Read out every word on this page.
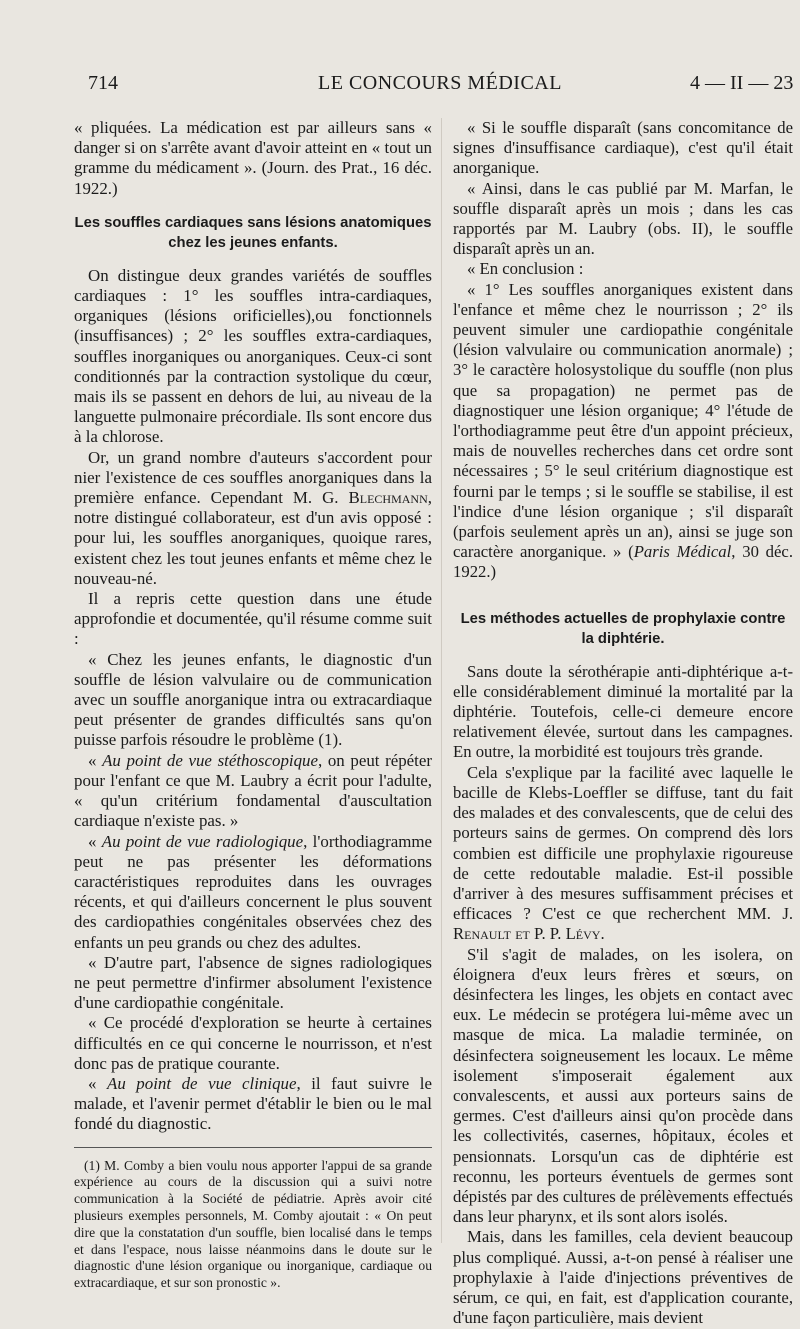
714	LE CONCOURS MÉDICAL	4 — II — 23

« pliquées. La médication est par ailleurs sans « danger si on s'arrête avant d'avoir atteint en « tout un gramme du médicament ». (Journ. des Prat., 16 déc. 1922.)

Les souffles cardiaques sans lésions anatomiques
chez les jeunes enfants.

On distingue deux grandes variétés de souffles cardiaques : 1° les souffles intra-cardiaques, organiques (lésions orificielles),ou fonctionnels (insuffisances) ; 2° les souffles extra-cardiaques, souffles inorganiques ou anorganiques. Ceux-ci sont conditionnés par la contraction systolique du cœur, mais ils se passent en dehors de lui, au niveau de la languette pulmonaire précordiale. Ils sont encore dus à la chlorose.

Or, un grand nombre d'auteurs s'accordent pour nier l'existence de ces souffles anorganiques dans la première enfance. Cependant M. G. Blechmann, notre distingué collaborateur, est d'un avis opposé : pour lui, les souffles anorganiques, quoique rares, existent chez les tout jeunes enfants et même chez le nouveau-né.

Il a repris cette question dans une étude approfondie et documentée, qu'il résume comme suit :

« Chez les jeunes enfants, le diagnostic d'un souffle de lésion valvulaire ou de communication avec un souffle anorganique intra ou extracardiaque peut présenter de grandes difficultés sans qu'on puisse parfois résoudre le problème (1).

« Au point de vue stéthoscopique, on peut répéter pour l'enfant ce que M. Laubry a écrit pour l'adulte, « qu'un critérium fondamental d'auscultation cardiaque n'existe pas. »

« Au point de vue radiologique, l'orthodiagramme peut ne pas présenter les déformations caractéristiques reproduites dans les ouvrages récents, et qui d'ailleurs concernent le plus souvent des cardiopathies congénitales observées chez des enfants un peu grands ou chez des adultes.

« D'autre part, l'absence de signes radiologiques ne peut permettre d'infirmer absolument l'existence d'une cardiopathie congénitale.

« Ce procédé d'exploration se heurte à certaines difficultés en ce qui concerne le nourrisson, et n'est donc pas de pratique courante.

« Au point de vue clinique, il faut suivre le malade, et l'avenir permet d'établir le bien ou le mal fondé du diagnostic.

(1) M. Comby a bien voulu nous apporter l'appui de sa grande expérience au cours de la discussion qui a suivi notre communication à la Société de pédiatrie. Après avoir cité plusieurs exemples personnels, M. Comby ajoutait : « On peut dire que la constatation d'un souffle, bien localisé dans le temps et dans l'espace, nous laisse néanmoins dans le doute sur le diagnostic d'une lésion organique ou inorganique, cardiaque ou extracardiaque, et sur son pronostic ».

« Si le souffle disparaît (sans concomitance de signes d'insuffisance cardiaque), c'est qu'il était anorganique.

« Ainsi, dans le cas publié par M. Marfan, le souffle disparaît après un mois ; dans les cas rapportés par M. Laubry (obs. II), le souffle disparaît après un an.

« En conclusion :

« 1° Les souffles anorganiques existent dans l'enfance et même chez le nourrisson ; 2° ils peuvent simuler une cardiopathie congénitale (lésion valvulaire ou communication anormale) ; 3° le caractère holosystolique du souffle (non plus que sa propagation) ne permet pas de diagnostiquer une lésion organique; 4° l'étude de l'orthodiagramme peut être d'un appoint précieux, mais de nouvelles recherches dans cet ordre sont nécessaires ; 5° le seul critérium diagnostique est fourni par le temps ; si le souffle se stabilise, il est l'indice d'une lésion organique ; s'il disparaît (parfois seulement après un an), ainsi se juge son caractère anorganique. » (Paris Médical, 30 déc. 1922.)

Les méthodes actuelles de prophylaxie contre
la diphtérie.

Sans doute la sérothérapie anti-diphtérique a-t-elle considérablement diminué la mortalité par la diphtérie. Toutefois, celle-ci demeure encore relativement élevée, surtout dans les campagnes. En outre, la morbidité est toujours très grande.

Cela s'explique par la facilité avec laquelle le bacille de Klebs-Loeffler se diffuse, tant du fait des malades et des convalescents, que de celui des porteurs sains de germes. On comprend dès lors combien est difficile une prophylaxie rigoureuse de cette redoutable maladie. Est-il possible d'arriver à des mesures suffisamment précises et efficaces ? C'est ce que recherchent MM. J. Renault et P. P. Lévy.

S'il s'agit de malades, on les isolera, on éloignera d'eux leurs frères et sœurs, on désinfectera les linges, les objets en contact avec eux. Le médecin se protégera lui-même avec un masque de mica. La maladie terminée, on désinfectera soigneusement les locaux. Le même isolement s'imposerait également aux convalescents, et aussi aux porteurs sains de germes. C'est d'ailleurs ainsi qu'on procède dans les collectivités, casernes, hôpitaux, écoles et pensionnats. Lorsqu'un cas de diphtérie est reconnu, les porteurs éventuels de germes sont dépistés par des cultures de prélèvements effectués dans leur pharynx, et ils sont alors isolés.

Mais, dans les familles, cela devient beaucoup plus compliqué. Aussi, a-t-on pensé à réaliser une prophylaxie à l'aide d'injections préventives de sérum, ce qui, en fait, est d'application courante, d'une façon particulière, mais devient
